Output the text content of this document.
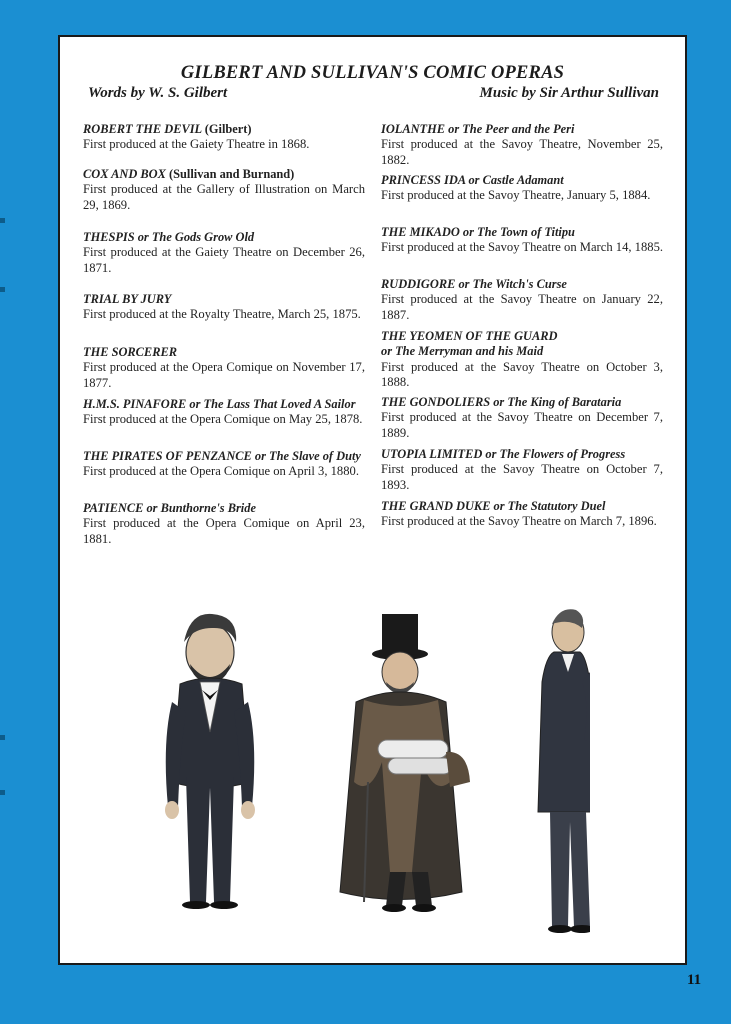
GILBERT AND SULLIVAN'S COMIC OPERAS
Words by W. S. Gilbert	Music by Sir Arthur Sullivan
ROBERT THE DEVIL (Gilbert)
First produced at the Gaiety Theatre in 1868.
COX AND BOX (Sullivan and Burnand)
First produced at the Gallery of Illustration on March 29, 1869.
THESPIS or The Gods Grow Old
First produced at the Gaiety Theatre on December 26, 1871.
TRIAL BY JURY
First produced at the Royalty Theatre, March 25, 1875.
THE SORCERER
First produced at the Opera Comique on November 17, 1877.
H.M.S. PINAFORE or The Lass That Loved A Sailor
First produced at the Opera Comique on May 25, 1878.
THE PIRATES OF PENZANCE or The Slave of Duty
First produced at the Opera Comique on April 3, 1880.
PATIENCE or Bunthorne's Bride
First produced at the Opera Comique on April 23, 1881.
IOLANTHE or The Peer and the Peri
First produced at the Savoy Theatre, November 25, 1882.
PRINCESS IDA or Castle Adamant
First produced at the Savoy Theatre, January 5, 1884.
THE MIKADO or The Town of Titipu
First produced at the Savoy Theatre on March 14, 1885.
RUDDIGORE or The Witch's Curse
First produced at the Savoy Theatre on January 22, 1887.
THE YEOMEN OF THE GUARD
or The Merryman and his Maid
First produced at the Savoy Theatre on October 3, 1888.
THE GONDOLIERS or The King of Barataria
First produced at the Savoy Theatre on December 7, 1889.
UTOPIA LIMITED or The Flowers of Progress
First produced at the Savoy Theatre on October 7, 1893.
THE GRAND DUKE or The Statutory Duel
First produced at the Savoy Theatre on March 7, 1896.
11
